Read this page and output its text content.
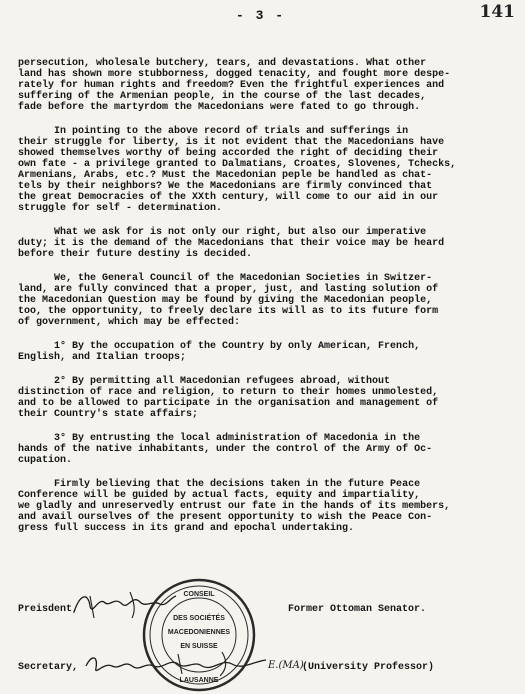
- 3 -	141
persecution, wholesale butchery, tears, and devastations. What other
land has shown more stubborness, dogged tenacity, and fought more despe-
rately for human rights and freedom? Even the frightful experiences and
suffering of the Armenian people, in the course of the last decades,
fade before the martyrdom the Macedonians were fated to go through.
In pointing to the above record of trials and sufferings in
their struggle for liberty, is it not evident that the Macedonians have
showed themselves worthy of being accorded the right of deciding their
own fate - a privilege granted to Dalmatians, Croates, Slovenes, Tchecks,
Armenians, Arabs, etc.? Must the Macedonian peple be handled as chat-
tels by their neighbors? We the Macedonians are firmly convinced that
the great Democracies of the XXth century, will come to our aid in our
struggle for self - determination.
What we ask for is not only our right, but also our imperative
duty; it is the demand of the Macedonians that their voice may be heard
before their future destiny is decided.
We, the General Council of the Macedonian Societies in Switzer-
land, are fully convinced that a proper, just, and lasting solution of
the Macedonian Question may be found by giving the Macedonian people,
too, the opportunity, to freely declare its will as to its future form
of government, which may be effected:
1° By the occupation of the Country by only American, French,
English, and Italian troops;
2° By permitting all Macedonian refugees abroad, without
distinction of race and religion, to return to their homes unmolested,
and to be allowed to participate in the organisation and management of
their Country's state affairs;
3° By entrusting the local administration of Macedonia in the
hands of the native inhabitants, under the control of the Army of Oc-
cupation.
Firmly believing that the decisions taken in the future Peace
Conference will be guided by actual facts, equity and impartiality,
we gladly and unreservedly entrust our fate in the hands of its members,
and avail ourselves of the present opportunity to wish the Peace Con-
gress full success in its grand and epochal undertaking.
Preisdent,	Former Ottoman Senator.
Secretary,	E.(MA)
(University Professor)
CONSEIL
DES SOCIÉTÉS
MACEDONIENNES
EN SUISSE
LAUSANNE
